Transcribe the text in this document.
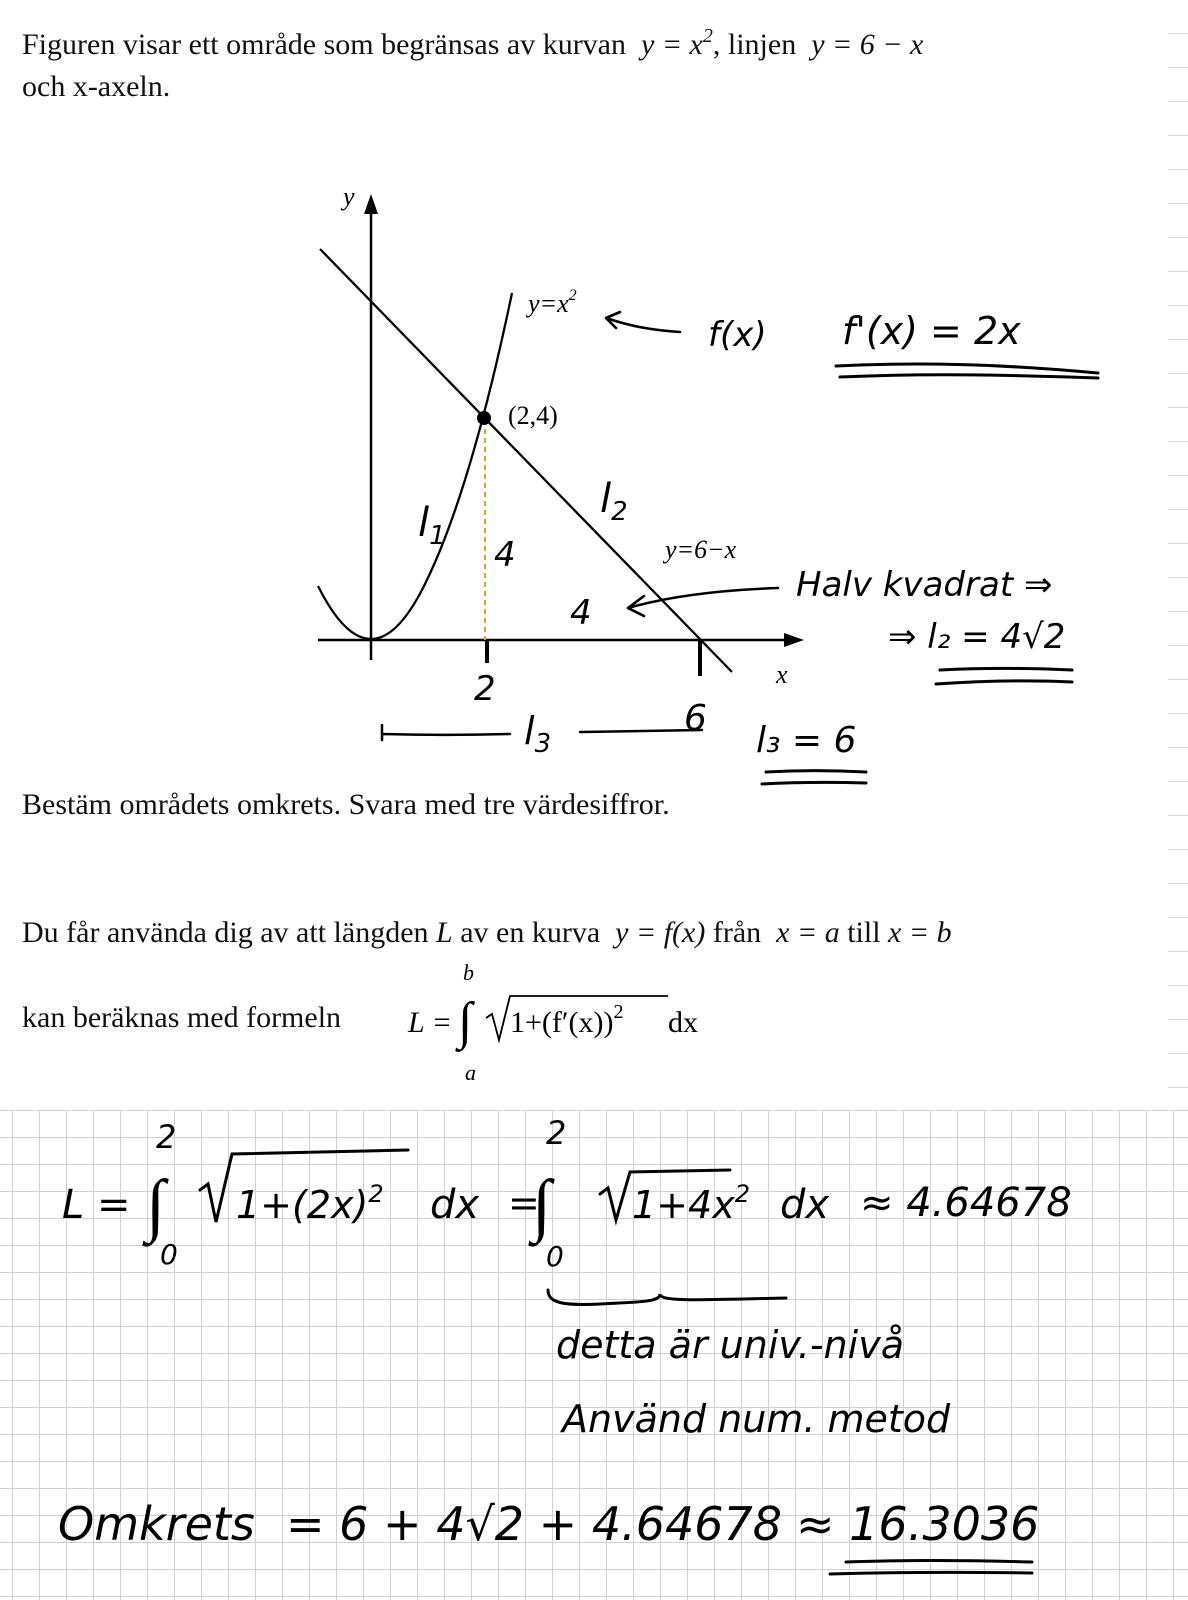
Figuren visar ett område som begränsas av kurvan $y = x^2$, linjen y = 6 − x
och x-axeln.
y
x
(2,4)
$y=x^2$
y=6−x
f(x) f'(x) = 2x
$l_1$
$l_2$
4
4
Halv kvadrat ⇒
⇒ l₂ = 4√2
2
6
$l_3$	l₃ = 6
Bestäm områdets omkrets. Svara med tre värdesiffror.
Du får använda dig av att längden L av en kurva y = f(x) från x = a till x = b
kan beräknas med formeln L =
b
∫
a
$1+(f'(x))^2$ dx
L =
2
∫
0
$1+(2x)^2$ dx =
2
∫
0
$1+4x^2$ dx ≈ 4.64678
detta är univ.-nivå
Använd num. metod
Omkrets = 6 + 4√2 + 4.64678 ≈ 16.3036
